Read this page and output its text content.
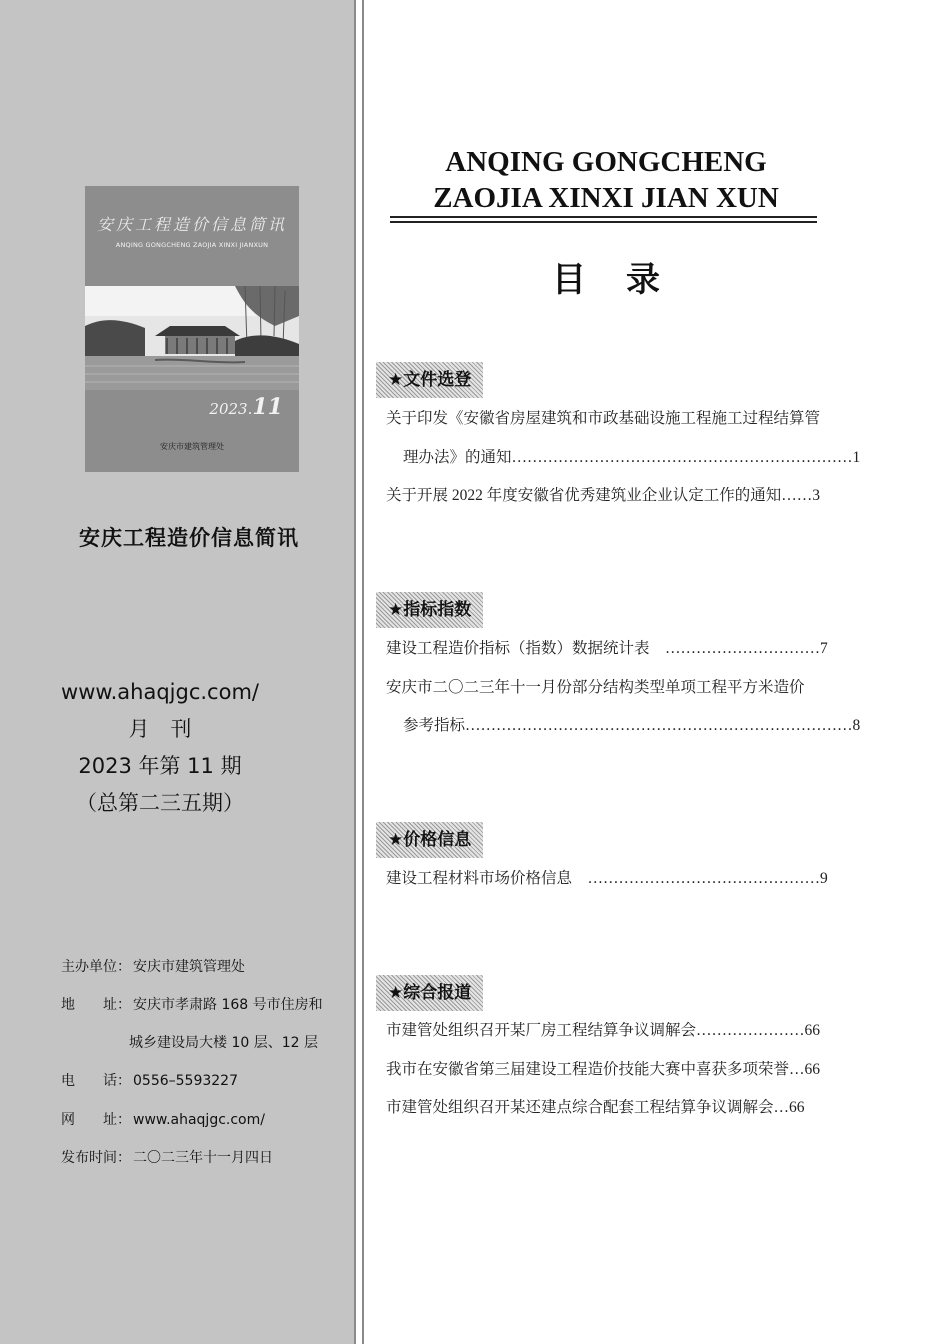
安庆工程造价信息简讯
ANQING GONGCHENG ZAOJIA XINXI JIANXUN
2023.11
安庆市建筑管理处
安庆工程造价信息简讯
www.ahaqjgc.com/
月　刊
2023 年第 11 期
（总第二三五期）
主办单位： 安庆市建筑管理处
地　　址： 安庆市孝肃路 168 号市住房和
城乡建设局大楼 10 层、12 层
电　　话： 0556–5593227
网　　址： www.ahaqjgc.com/
发布时间： 二〇二三年十一月四日
ANQING GONGCHENG
ZAOJIA XINXI JIAN XUN
目录
★文件选登
关于印发《安徽省房屋建筑和市政基础设施工程施工过程结算管
理办法》的通知…………………………………………………………1
关于开展 2022 年度安徽省优秀建筑业企业认定工作的通知……3
★指标指数
建设工程造价指标（指数）数据统计表　…………………………7
安庆市二〇二三年十一月份部分结构类型单项工程平方米造价
参考指标…………………………………………………………………8
★价格信息
建设工程材料市场价格信息　………………………………………9
★综合报道
市建管处组织召开某厂房工程结算争议调解会…………………66
我市在安徽省第三届建设工程造价技能大赛中喜获多项荣誉…66
市建管处组织召开某还建点综合配套工程结算争议调解会…66
